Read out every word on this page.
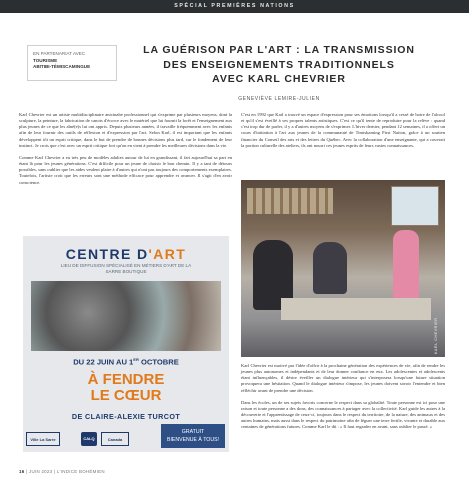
SPÉCIAL PREMIÈRES NATIONS
EN PARTENARIAT AVEC
TOURISME
ABITIBI-TÉMISCAMINGUE
LA GUÉRISON PAR L'ART : LA TRANSMISSION
DES ENSEIGNEMENTS TRADITIONNELS
AVEC KARL CHEVRIER
GENEVIÈVE LEMIRE-JULIEN

Karl Chevrier est un artiste multidisciplinaire anicinabe professionnel qui s'exprime par plusieurs moyens, dont la sculpture, la peinture, la fabrication de canots d'écorce avec le matériel que lui fournit la forêt et l'enseignement aux plus jeunes de ce que les aîné(e)s lui ont appris. Depuis plusieurs années, il travaille fréquemment avec les enfants afin de leur fournir des outils de réflexion et d'expression par l'art. Selon Karl, il est important que les enfants développent tôt un esprit critique, dans le but de prendre de bonnes décisions plus tard, sur le fondement de leur instinct. Je crois que c'est avec un esprit critique fort qu'on en vient à prendre les meilleures décisions dans la vie.

Comme Karl Chevrier a eu très peu de modèles adultes autour de lui en grandissant, il fait aujourd'hui sa part en étant là pour les jeunes générations. C'est difficile pour un jeune de choisir le bon chemin. Il y a tant de détours possibles, sans oublier que les aides veulent plaire à d'autres qui n'ont pas toujours des comportements exemplaires. Toutefois, l'artiste croit que les erreurs sont une méthode efficace pour apprendre et avancer. Il s'agit d'en avoir conscience.

C'est en 1992 que Karl a trouvé un espace d'expression pour ses émotions lorsqu'il a cessé de boire de l'alcool et qu'il s'est éveillé à ses propres talents artistiques. C'est ce qu'il tente de reproduire pour la relève : quand c'est trop dur de parler, il y a d'autres moyens de s'exprimer. L'hiver dernier, pendant 12 semaines, il a offert un cours d'initiation à l'art aux jeunes de la communauté de Timiskaming First Nation, grâce à un soutien financier du Conseil des arts et des lettres du Québec. Avec la collaboration d'une enseignante, qui a couvrait la portion culturelle des ateliers, ils ont nourri ces jeunes esprits de leurs vastes connaissances.

CENTRE D'ART
LIEU DE DIFFUSION SPÉCIALISÉ EN MÉTIERS D'ART DE LA SARRE BOUTIQUE
DU 22 JUIN AU 1ER OCTOBRE
À FENDRE
LE CŒUR
DE CLAIRE-ALEXIE TURCOT
Ville La Sarre	CALQ	Canada
GRATUIT
BIENVENUE À TOUS!
KARL CHEVRIER

Karl Chevrier est motivé par l'idée d'offrir à la prochaine génération des expériences de vie, afin de rendre les jeunes plus autonomes et indépendants et de leur donner confiance en eux. Les adolescentes et adolescents étant influençables, il désire éveiller un dialogue intérieur qui s'interposera lorsqu'une future situation provoquera une hésitation. Quand le dialogue intérieur s'impose, les jeunes doivent savoir l'entendre et bien réfléchir avant de prendre une décision.

Dans les écoles, un de ses sujets favoris concerne le respect dans sa globalité. Toute personne est ici pour une raison et toute personne a des dons, des connaissances à partager avec la collectivité. Karl guide les autres à la découverte et l'apprentissage de ceux-ci, toujours dans le respect du territoire, de la nature, des animaux et des autres humains, mais aussi dans le respect du patrimoine afin de léguer une terre fertile, vivante et durable aux centaines de générations futures. Comme Karl le dit : « Il faut regarder en avant, sans oublier le passé. »

16 | JUIN 2023 | L'INDICE BOHÉMIEN
